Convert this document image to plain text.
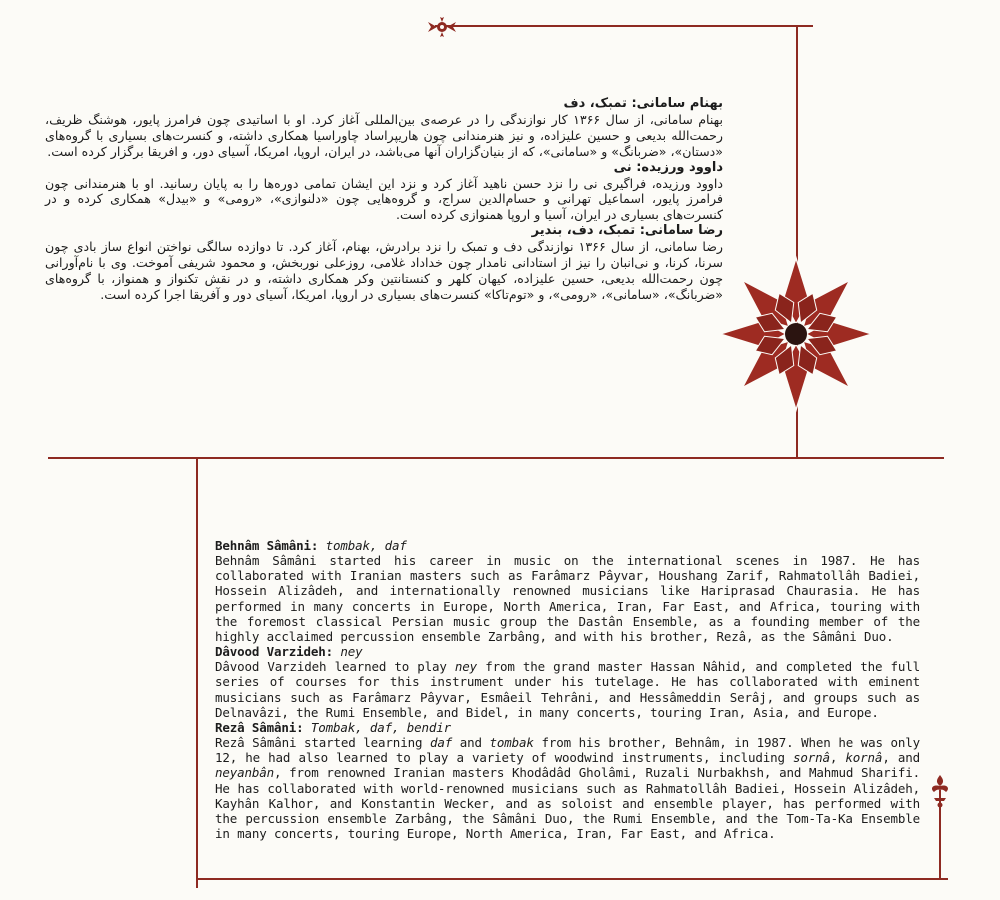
بهنام سامانی: تمبک، دف

بهنام سامانی، از سال ۱۳۶۶ کار نوازندگی را در عرصه‌ی بین‌المللی آغاز کرد. او با اساتیدی چون فرامرز پایور، هوشنگ ظریف، رحمت‌الله بدیعی و حسین علیزاده، و نیز هنرمندانی چون هاریپراساد چاوراسیا همکاری داشته، و کنسرت‌های بسیاری با گروه‌های «دستان»، «ضربانگ» و «سامانی»، که از بنیان‌گزاران آنها می‌باشد، در ایران، اروپا، امریکا، آسیای دور، و افریقا برگزار کرده است.

داوود ورزیده: نی

داوود ورزیده، فراگیری نی را نزد حسن ناهید آغاز کرد و نزد این ایشان تمامی دوره‌ها را به پایان رسانید. او با هنرمندانی چون فرامرز پایور، اسماعیل تهرانی و حسام‌الدین سراج، و گروه‌هایی چون «دلنوازی»، «رومی» و «بیدل» همکاری کرده و در کنسرت‌های بسیاری در ایران، آسیا و اروپا همنوازی کرده است.

رضا سامانی: تمبک، دف، بندیر

رضا سامانی، از سال ۱۳۶۶ نوازندگی دف و تمبک را نزد برادرش، بهنام، آغاز کرد. تا دوازده سالگی نواختن انواع ساز بادی چون سرنا، کرنا، و نی‌انبان را نیز از استادانی نامدار چون خداداد غلامی، روزعلی نوربخش، و محمود شریفی آموخت. وی با نام‌آورانی چون رحمت‌الله بدیعی، حسین علیزاده، کیهان کلهر و کنستانتین وکر همکاری داشته، و در نقش تکنواز و همنواز، با گروه‌های «ضربانگ»، «سامانی»، «رومی»، و «توم‌تاکا» کنسرت‌های بسیاری در اروپا، امریکا، آسیای دور و آفریقا اجرا کرده است.

Behnâm Sâmâni: tombak, daf

Behnâm Sâmâni started his career in music on the international scenes in 1987. He has collaborated with Iranian masters such as Farâmarz Pâyvar, Houshang Zarif, Rahmatollâh Badiei, Hossein Alizâdeh, and internationally renowned musicians like Hariprasad Chaurasia. He has performed in many concerts in Europe, North America, Iran, Far East, and Africa, touring with the foremost classical Persian music group the Dastân Ensemble, as a founding member of the highly acclaimed percussion ensemble Zarbâng, and with his brother, Rezâ, as the Sâmâni Duo.

Dâvood Varzideh: ney

Dâvood Varzideh learned to play ney from the grand master Hassan Nâhid, and completed the full series of courses for this instrument under his tutelage. He has collaborated with eminent musicians such as Farâmarz Pâyvar, Esmâeil Tehrâni, and Hessâmeddin Serâj, and groups such as Delnavâzi, the Rumi Ensemble, and Bidel, in many concerts, touring Iran, Asia, and Europe.

Rezâ Sâmâni: Tombak, daf, bendir

Rezâ Sâmâni started learning daf and tombak from his brother, Behnâm, in 1987. When he was only 12, he had also learned to play a variety of woodwind instruments, including sornâ, kornâ, and neyanbân, from renowned Iranian masters Khodâdâd Gholâmi, Ruzali Nurbakhsh, and Mahmud Sharifi. He has collaborated with world-renowned musicians such as Rahmatollâh Badiei, Hossein Alizâdeh, Kayhân Kalhor, and Konstantin Wecker, and as soloist and ensemble player, has performed with the percussion ensemble Zarbâng, the Sâmâni Duo, the Rumi Ensemble, and the Tom-Ta-Ka Ensemble in many concerts, touring Europe, North America, Iran, Far East, and Africa.
